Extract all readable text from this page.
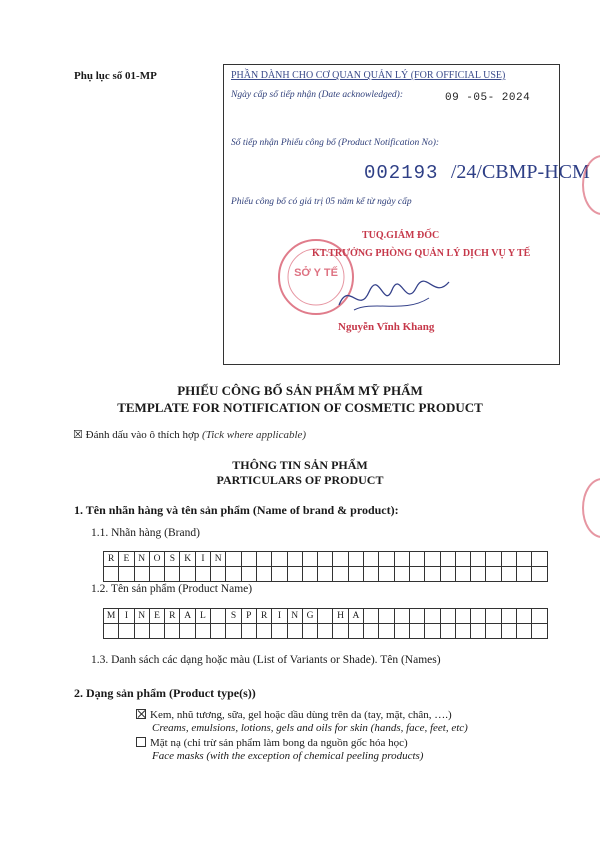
Phụ lục số 01-MP	PHẦN DÀNH CHO CƠ QUAN QUẢN LÝ (FOR OFFICIAL USE)
Ngày cấp số tiếp nhận (Date acknowledged):	09 -05- 2024
Số tiếp nhận Phiếu công bố (Product Notification No):
002193 /24/CBMP-HCM
Phiếu công bố có giá trị 05 năm kể từ ngày cấp
SỞ Y TẾ
TUQ.GIÁM ĐỐC
KT.TRƯỞNG PHÒNG QUẢN LÝ DỊCH VỤ Y TẾ
Nguyễn Vĩnh Khang
PHIẾU CÔNG BỐ SẢN PHẨM MỸ PHẨM
TEMPLATE FOR NOTIFICATION OF COSMETIC PRODUCT
☒ Đánh dấu vào ô thích hợp (Tick where applicable)
THÔNG TIN SẢN PHẨM
PARTICULARS OF PRODUCT
1. Tên nhãn hàng và tên sản phẩm (Name of brand & product):
1.1. Nhãn hàng (Brand)
R E N O S K	I	N
1.2. Tên sản phẩm (Product Name)
M I	N E R A L	S	P R	I	N G	H A
1.3. Danh sách các dạng hoặc màu (List of Variants or Shade). Tên (Names)
2. Dạng sản phẩm (Product type(s))
Kem, nhũ tương, sữa, gel hoặc dầu dùng trên da (tay, mặt, chân, ….)
Creams, emulsions, lotions, gels and oils for skin (hands, face, feet, etc)
Mặt nạ (chỉ trừ sản phẩm làm bong da nguồn gốc hóa học)
Face masks (with the exception of chemical peeling products)
